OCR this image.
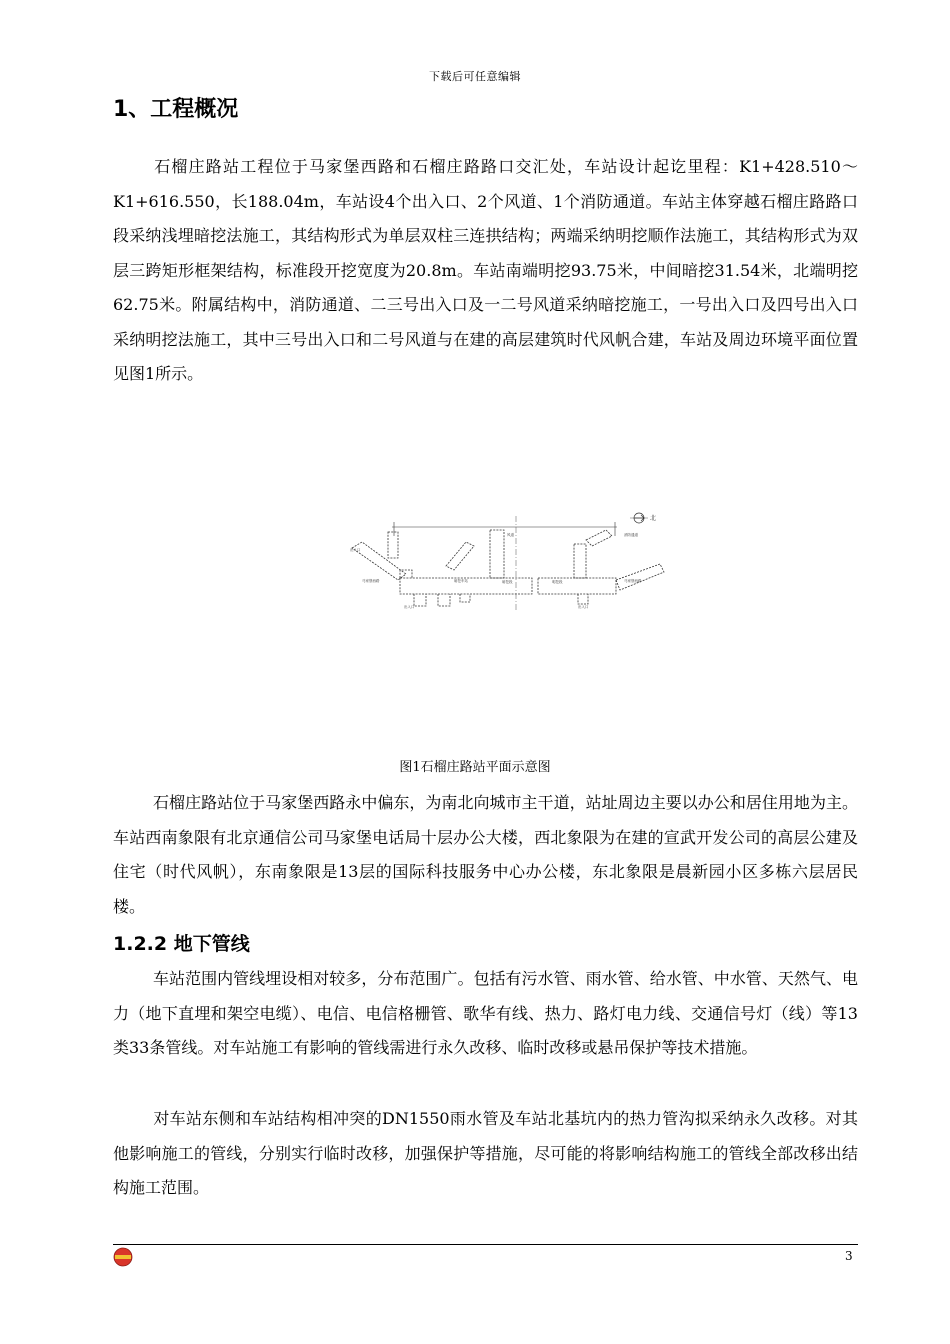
下载后可任意编辑
1、工程概况
石榴庄路站工程位于马家堡西路和石榴庄路路口交汇处，车站设计起讫里程：K1+428.510～K1+616.550，长188.04m，车站设4个出入口、2个风道、1个消防通道。车站主体穿越石榴庄路路口段采纳浅埋暗挖法施工，其结构形式为单层双柱三连拱结构；两端采纳明挖顺作法施工，其结构形式为双层三跨矩形框架结构，标准段开挖宽度为20.8m。车站南端明挖93.75米，中间暗挖31.54米，北端明挖62.75米。附属结构中，消防通道、二三号出入口及一二号风道采纳暗挖施工，一号出入口及四号出入口采纳明挖法施工，其中三号出入口和二号风道与在建的高层建筑时代风帆合建，车站及周边环境平面位置见图1所示。
出入口
暗挖车站	暗挖段	明挖段
马家堡西路	马家堡西路
风道	消防通道
出入口	出入口
北
图1石榴庄路站平面示意图
石榴庄路站位于马家堡西路永中偏东，为南北向城市主干道，站址周边主要以办公和居住用地为主。车站西南象限有北京通信公司马家堡电话局十层办公大楼，西北象限为在建的宣武开发公司的高层公建及住宅（时代风帆），东南象限是13层的国际科技服务中心办公楼，东北象限是晨新园小区多栋六层居民楼。
1.2.2 地下管线
车站范围内管线埋设相对较多，分布范围广。包括有污水管、雨水管、给水管、中水管、天然气、电力（地下直埋和架空电缆）、电信、电信格栅管、歌华有线、热力、路灯电力线、交通信号灯（线）等13类33条管线。对车站施工有影响的管线需进行永久改移、临时改移或悬吊保护等技术措施。
对车站东侧和车站结构相冲突的DN1550雨水管及车站北基坑内的热力管沟拟采纳永久改移。对其他影响施工的管线，分别实行临时改移，加强保护等措施，尽可能的将影响结构施工的管线全部改移出结构施工范围。
3
